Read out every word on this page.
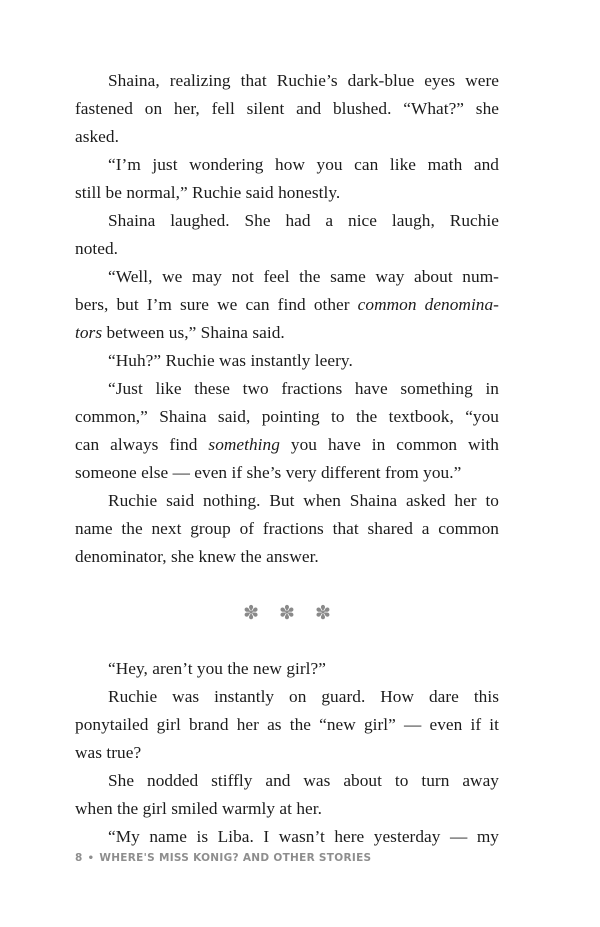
Shaina, realizing that Ruchie’s dark-blue eyes were
fastened on her, fell silent and blushed. “What?” she
asked.
“I’m just wondering how you can like math and
still be normal,” Ruchie said honestly.
Shaina laughed. She had a nice laugh, Ruchie
noted.
“Well, we may not feel the same way about num-
bers, but I’m sure we can find other common denomina-
tors between us,” Shaina said.
“Huh?” Ruchie was instantly leery.
“Just like these two fractions have something in
common,” Shaina said, pointing to the textbook, “you
can always find something you have in common with
someone else — even if she’s very different from you.”
Ruchie said nothing. But when Shaina asked her to
name the next group of fractions that shared a common
denominator, she knew the answer.
✽ ✽ ✽
“Hey, aren’t you the new girl?”
Ruchie was instantly on guard. How dare this
ponytailed girl brand her as the “new girl” — even if it
was true?
She nodded stiffly and was about to turn away
when the girl smiled warmly at her.
“My name is Liba. I wasn’t here yesterday — my
8 • WHERE'S MISS KONIG? AND OTHER STORIES
